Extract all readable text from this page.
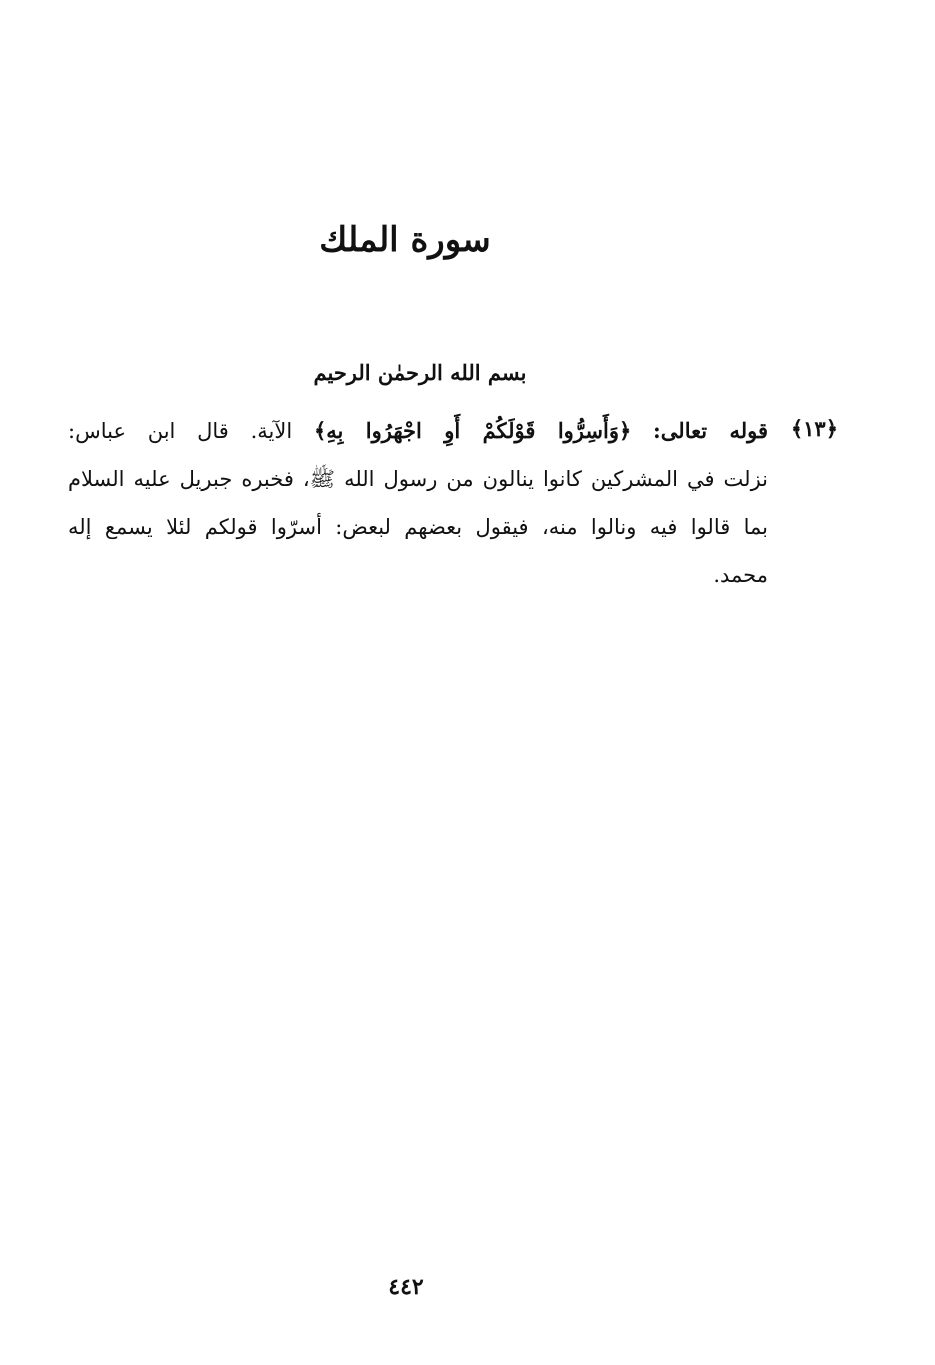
سورة الملك

بسم الله الرحمٰن الرحيم

﴿١٣﴾
قوله تعالى: ﴿وَأَسِرُّوا قَوْلَكُمْ أَوِ اجْهَرُوا بِهِ﴾ الآية. قال ابن عباس:
نزلت في المشركين كانوا ينالون من رسول الله ﷺ، فخبره جبريل عليه السلام
بما قالوا فيه ونالوا منه، فيقول بعضهم لبعض: أسرّوا قولكم لئلا يسمع إله
محمد.

٤٤٢
